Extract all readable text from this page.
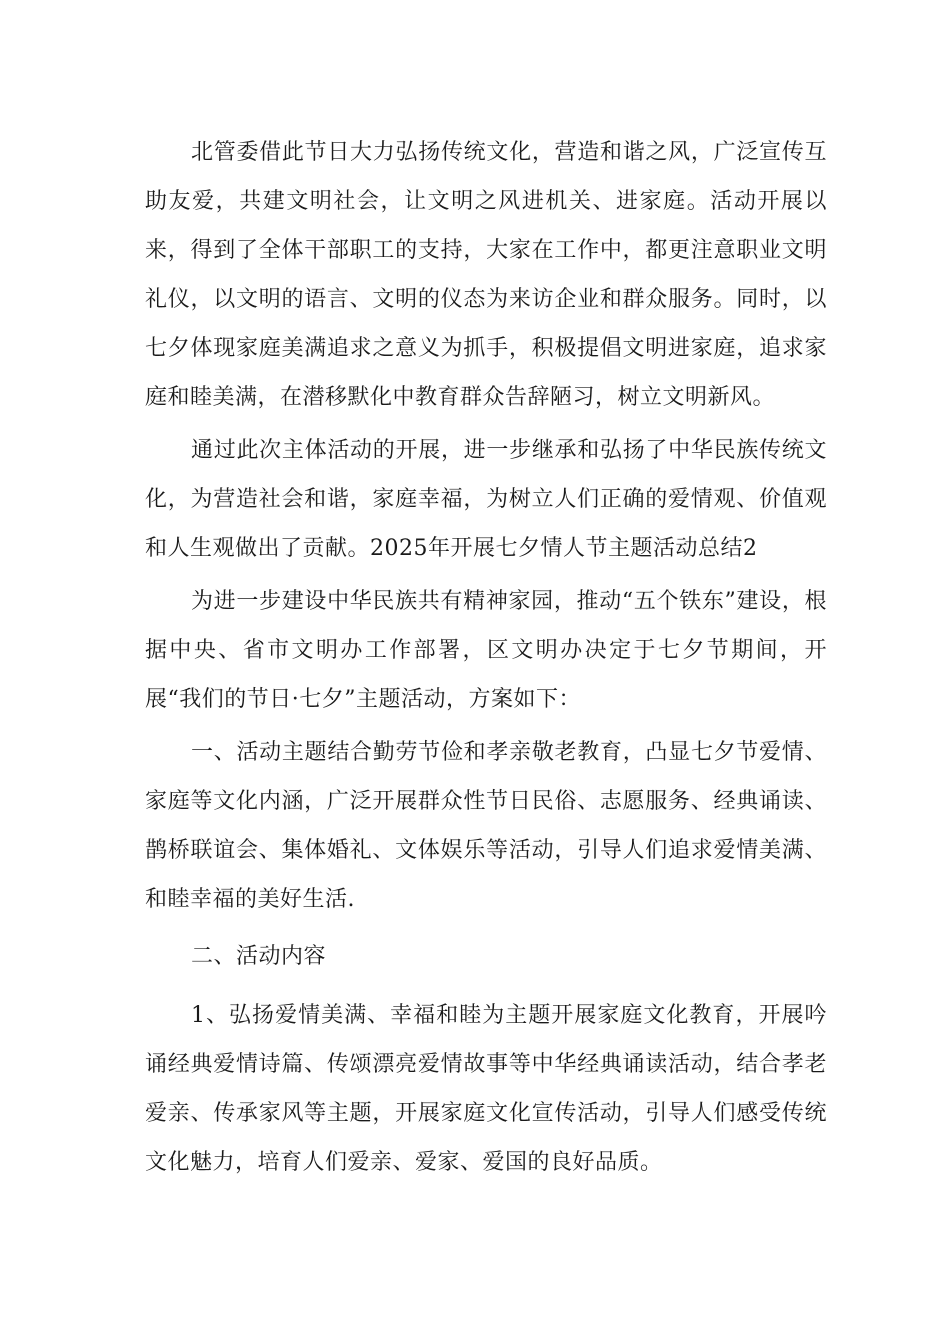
北管委借此节日大力弘扬传统文化，营造和谐之风，广泛宣传互助友爱，共建文明社会，让文明之风进机关、进家庭。活动开展以来，得到了全体干部职工的支持，大家在工作中，都更注意职业文明礼仪，以文明的语言、文明的仪态为来访企业和群众服务。同时，以七夕体现家庭美满追求之意义为抓手，积极提倡文明进家庭，追求家庭和睦美满，在潜移默化中教育群众告辞陋习，树立文明新风。

通过此次主体活动的开展，进一步继承和弘扬了中华民族传统文化，为营造社会和谐，家庭幸福，为树立人们正确的爱情观、价值观和人生观做出了贡献。2025年开展七夕情人节主题活动总结2

为进一步建设中华民族共有精神家园，推动“五个铁东”建设，根据中央、省市文明办工作部署，区文明办决定于七夕节期间，开展“我们的节日·七夕”主题活动，方案如下：

一、活动主题结合勤劳节俭和孝亲敬老教育，凸显七夕节爱情、家庭等文化内涵，广泛开展群众性节日民俗、志愿服务、经典诵读、鹊桥联谊会、集体婚礼、文体娱乐等活动，引导人们追求爱情美满、和睦幸福的美好生活.

二、活动内容

1、弘扬爱情美满、幸福和睦为主题开展家庭文化教育，开展吟诵经典爱情诗篇、传颂漂亮爱情故事等中华经典诵读活动，结合孝老爱亲、传承家风等主题，开展家庭文化宣传活动，引导人们感受传统文化魅力，培育人们爱亲、爱家、爱国的良好品质。
